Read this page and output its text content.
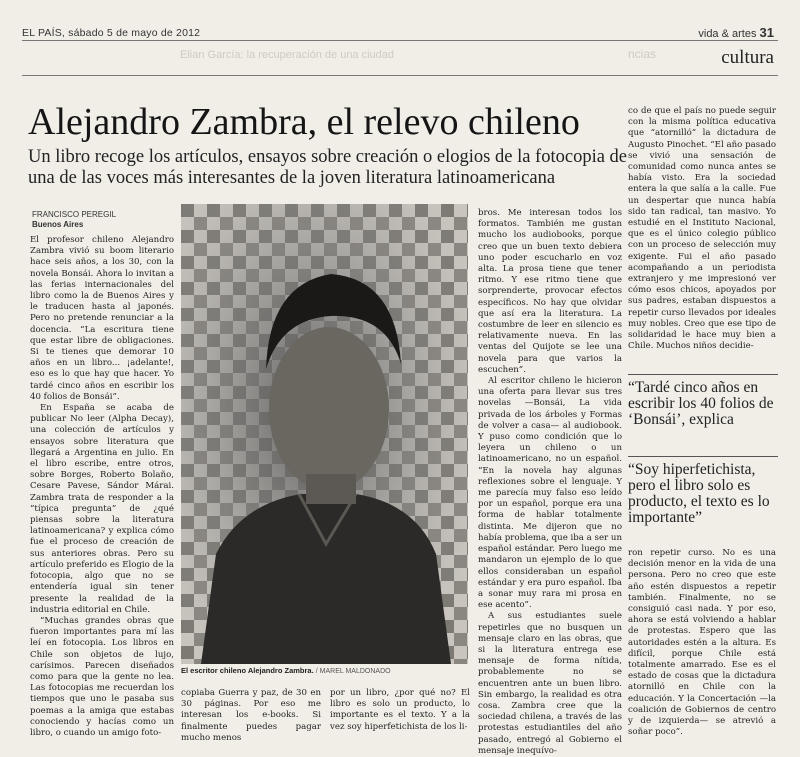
EL PAÍS, sábado 5 de mayo de 2012	vida & artes 31
ncias
Elian García: la recuperación de una ciudad	cultura
Alejandro Zambra, el relevo chileno
Un libro recoge los artículos, ensayos sobre creación o elogios de la fotocopia de una de las voces más interesantes de la joven literatura latinoamericana
FRANCISCO PEREGIL
Buenos Aires

El profesor chileno Alejandro Zambra vivió su boom literario hace seis años, a los 30, con la novela Bonsái. Ahora lo invitan a las ferias internacionales del libro como la de Buenos Aires y le traducen hasta al japonés. Pero no pretende renunciar a la docencia. “La escritura tiene que estar libre de obligaciones. Si te tienes que demorar 10 años en un libro... ¡adelante!, eso es lo que hay que hacer. Yo tardé cinco años en escribir los 40 folios de Bonsái”.

En España se acaba de publicar No leer (Alpha Decay), una colección de artículos y ensayos sobre literatura que llegará a Argentina en julio. En el libro escribe, entre otros, sobre Borges, Roberto Bolaño, Cesare Pavese, Sándor Márai. Zambra trata de responder a la “típica pregunta” de ¿qué piensas sobre la literatura latinoamericana? y explica cómo fue el proceso de creación de sus anteriores obras. Pero su artículo preferido es Elogio de la fotocopia, algo que no se entendería igual sin tener presente la realidad de la industria editorial en Chile.

“Muchas grandes obras que fueron importantes para mí las leí en fotocopia. Los libros en Chile son objetos de lujo, carísimos. Parecen diseñados como para que la gente no lea. Las fotocopias me recuerdan los tiempos que uno le pasaba sus poemas a la amiga que estabas conociendo y hacías como un libro, o cuando un amigo foto-

El escritor chileno Alejandro Zambra. / MAREL MALDONADO

copiaba Guerra y paz, de 30 en 30 páginas. Por eso me interesan los e-books. Si finalmente puedes pagar mucho menos

por un libro, ¿por qué no? El libro es solo un producto, lo importante es el texto. Y a la vez soy hiperfetichista de los li-

bros. Me interesan todos los formatos. También me gustan mucho los audiobooks, porque creo que un buen texto debiera uno poder escucharlo en voz alta. La prosa tiene que tener ritmo. Y ese ritmo tiene que sorprenderte, provocar efectos específicos. No hay que olvidar que así era la literatura. La costumbre de leer en silencio es relativamente nueva. En las ventas del Quijote se lee una novela para que varios la escuchen”.

Al escritor chileno le hicieron una oferta para llevar sus tres novelas —Bonsái, La vida privada de los árboles y Formas de volver a casa— al audiobook. Y puso como condición que lo leyera un chileno o un latinoamericano, no un español. “En la novela hay algunas reflexiones sobre el lenguaje. Y me parecía muy falso eso leído por un español, porque era una forma de hablar totalmente distinta. Me dijeron que no había problema, que iba a ser un español estándar. Pero luego me mandaron un ejemplo de lo que ellos consideraban un español estándar y era puro español. Iba a sonar muy rara mi prosa en ese acento”.

A sus estudiantes suele repetirles que no busquen un mensaje claro en las obras, que si la literatura entrega ese mensaje de forma nítida, probablemente no se encuentren ante un buen libro. Sin embargo, la realidad es otra cosa. Zambra cree que la sociedad chilena, a través de las protestas estudiantiles del año pasado, entregó al Gobierno el mensaje inequívo-

co de que el país no puede seguir con la misma política educativa que “atornilló” la dictadura de Augusto Pinochet. “El año pasado se vivió una sensación de comunidad como nunca antes se había visto. Era la sociedad entera la que salía a la calle. Fue un despertar que nunca había sido tan radical, tan masivo. Yo estudié en el Instituto Nacional, que es el único colegio público con un proceso de selección muy exigente. Fui el año pasado acompañando a un periodista extranjero y me impresionó ver cómo esos chicos, apoyados por sus padres, estaban dispuestos a repetir curso llevados por ideales muy nobles. Creo que ese tipo de solidaridad le hace muy bien a Chile. Muchos niños decidie-

“Tardé cinco años en escribir los 40 folios de ‘Bonsái’, explica
“Soy hiperfetichista, pero el libro solo es producto, el texto es lo importante”

ron repetir curso. No es una decisión menor en la vida de una persona. Pero no creo que este año estén dispuestos a repetir también. Finalmente, no se consiguió casi nada. Y por eso, ahora se está volviendo a hablar de protestas. Espero que las autoridades estén a la altura. Es difícil, porque Chile está totalmente amarrado. Ese es el estado de cosas que la dictadura atornilló en Chile con la educación. Y la Concertación —la coalición de Gobiernos de centro y de izquierda— se atrevió a soñar poco”.
